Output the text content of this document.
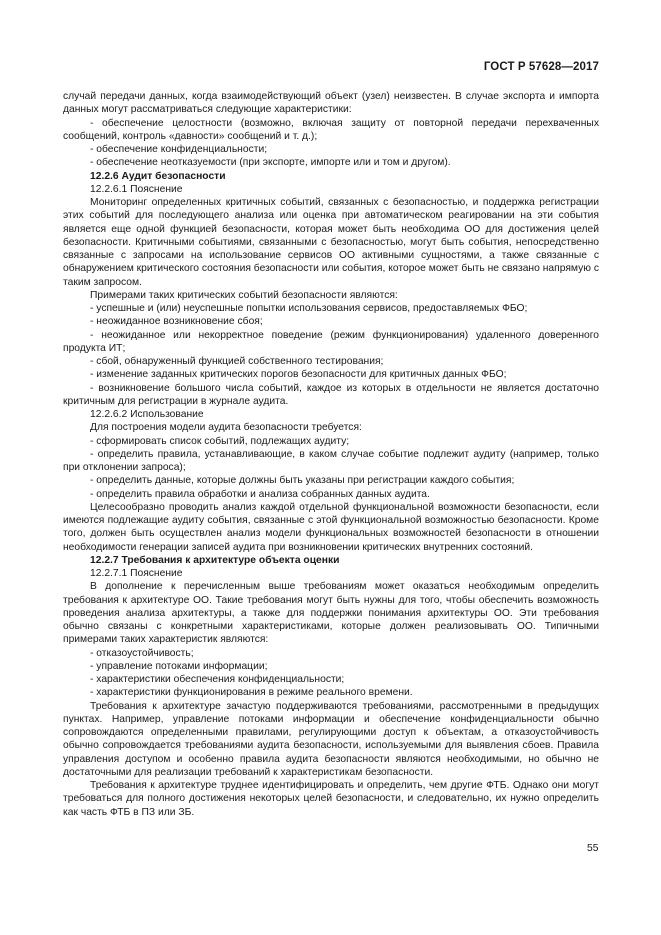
ГОСТ Р 57628—2017

случай передачи данных, когда взаимодействующий объект (узел) неизвестен. В случае экспорта и импорта данных могут рассматриваться следующие характеристики:

- обеспечение целостности (возможно, включая защиту от повторной передачи перехваченных сообщений, контроль «давности» сообщений и т. д.);

- обеспечение конфиденциальности;

- обеспечение неотказуемости (при экспорте, импорте или и том и другом).

12.2.6 Аудит безопасности

12.2.6.1 Пояснение

Мониторинг определенных критичных событий, связанных с безопасностью, и поддержка регистрации этих событий для последующего анализа или оценка при автоматическом реагировании на эти события является еще одной функцией безопасности, которая может быть необходима ОО для достижения целей безопасности. Критичными событиями, связанными с безопасностью, могут быть события, непосредственно связанные с запросами на использование сервисов ОО активными сущностями, а также связанные с обнаружением критического состояния безопасности или события, которое может быть не связано напрямую с таким запросом.

Примерами таких критических событий безопасности являются:

- успешные и (или) неуспешные попытки использования сервисов, предоставляемых ФБО;

- неожиданное возникновение сбоя;

- неожиданное или некорректное поведение (режим функционирования) удаленного доверенного продукта ИТ;

- сбой, обнаруженный функцией собственного тестирования;

- изменение заданных критических порогов безопасности для критичных данных ФБО;

- возникновение большого числа событий, каждое из которых в отдельности не является достаточно критичным для регистрации в журнале аудита.

12.2.6.2 Использование

Для построения модели аудита безопасности требуется:

- сформировать список событий, подлежащих аудиту;

- определить правила, устанавливающие, в каком случае событие подлежит аудиту (например, только при отклонении запроса);

- определить данные, которые должны быть указаны при регистрации каждого события;

- определить правила обработки и анализа собранных данных аудита.

Целесообразно проводить анализ каждой отдельной функциональной возможности безопасности, если имеются подлежащие аудиту события, связанные с этой функциональной возможностью безопасности. Кроме того, должен быть осуществлен анализ модели функциональных возможностей безопасности в отношении необходимости генерации записей аудита при возникновении критических внутренних состояний.

12.2.7 Требования к архитектуре объекта оценки

12.2.7.1 Пояснение

В дополнение к перечисленным выше требованиям может оказаться необходимым определить требования к архитектуре ОО. Такие требования могут быть нужны для того, чтобы обеспечить возможность проведения анализа архитектуры, а также для поддержки понимания архитектуры ОО. Эти требования обычно связаны с конкретными характеристиками, которые должен реализовывать ОО. Типичными примерами таких характеристик являются:

- отказоустойчивость;

- управление потоками информации;

- характеристики обеспечения конфиденциальности;

- характеристики функционирования в режиме реального времени.

Требования к архитектуре зачастую поддерживаются требованиями, рассмотренными в предыдущих пунктах. Например, управление потоками информации и обеспечение конфиденциальности обычно сопровождаются определенными правилами, регулирующими доступ к объектам, а отказоустойчивость обычно сопровождается требованиями аудита безопасности, используемыми для выявления сбоев. Правила управления доступом и особенно правила аудита безопасности являются необходимыми, но обычно не достаточными для реализации требований к характеристикам безопасности.

Требования к архитектуре труднее идентифицировать и определить, чем другие ФТБ. Однако они могут требоваться для полного достижения некоторых целей безопасности, и следовательно, их нужно определить как часть ФТБ в ПЗ или ЗБ.

55
